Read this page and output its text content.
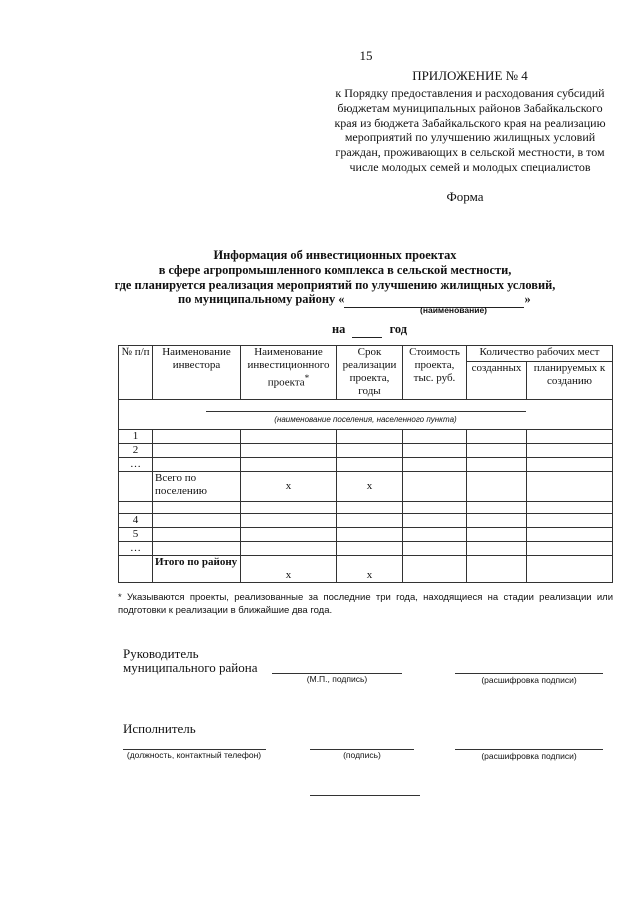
15
ПРИЛОЖЕНИЕ № 4
к Порядку предоставления и расходования субсидий
бюджетам муниципальных районов Забайкальского
края из бюджета Забайкальского края на реализацию
мероприятий по улучшению жилищных условий
граждан, проживающих в сельской местности, в том
числе молодых семей и молодых специалистов
Форма
Информация об инвестиционных проектах
в сфере агропромышленного комплекса в сельской местности,
где планируется реализация мероприятий по улучшению жилищных условий,
по муниципальному району «	»
(наименование)
на	год
№ п/п	Наименование инвестора	Наименование инвестиционного проекта*	Срок реализации проекта, годы	Стоимость проекта, тыс. руб.	Количество рабочих мест	
					созданных	планируемых к созданию

(наименование поселения, населенного пункта)						

1						
2						
…						
	Всего по поселению	х	х			

4						
5						
…						
	Итого по району	х	х			
* Указываются проекты, реализованные за последние три года, находящиеся на стадии реализации или подготовки к реализации в ближайшие два года.
Руководитель
муниципального района
(М.П., подпись)	(расшифровка подписи)
Исполнитель
(должность, контактный телефон)	(подпись)	(расшифровка подписи)
